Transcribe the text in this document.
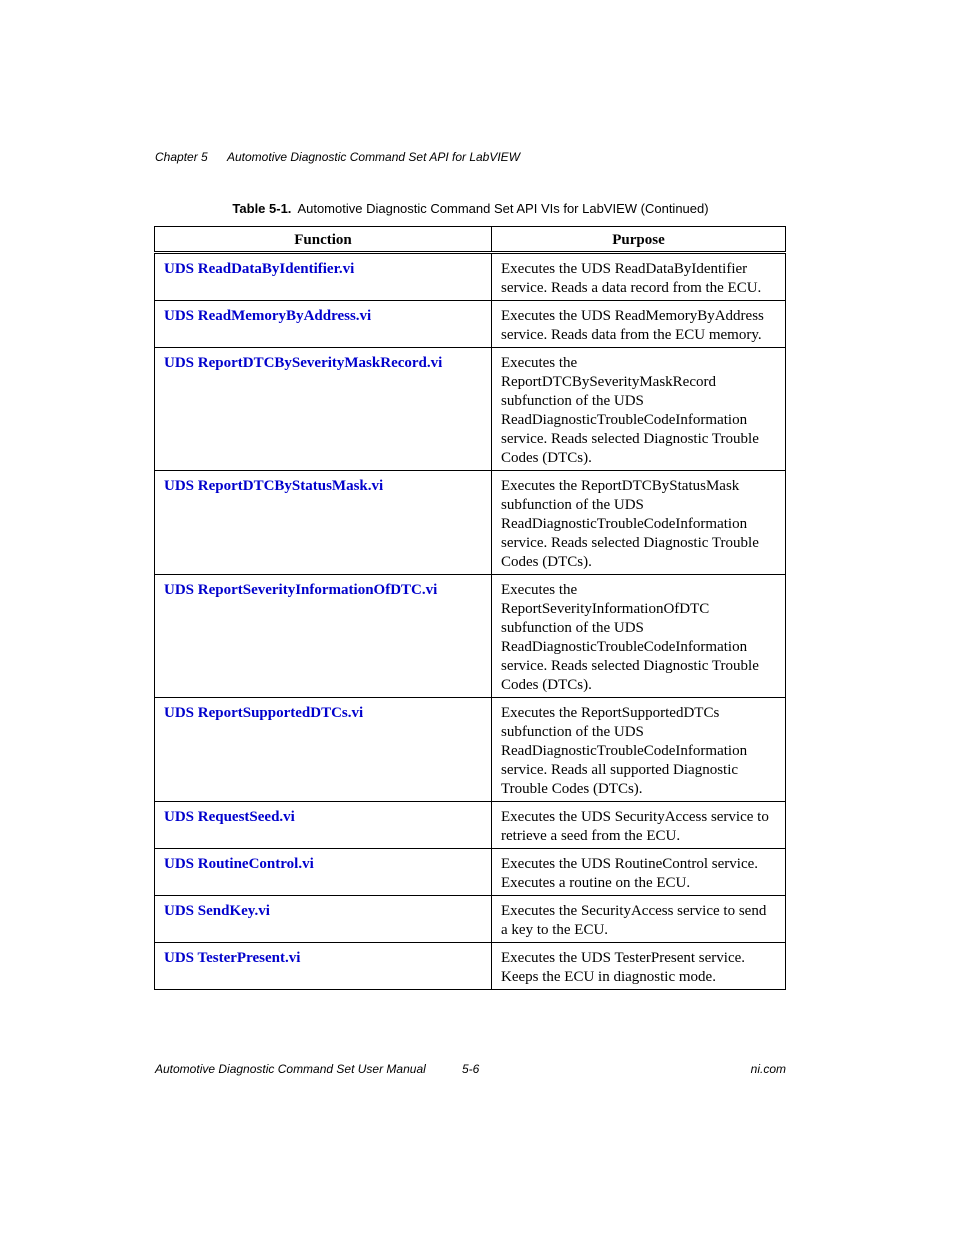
Chapter 5 Automotive Diagnostic Command Set API for LabVIEW
Table 5-1. Automotive Diagnostic Command Set API VIs for LabVIEW (Continued)
Function	Purpose
UDS ReadDataByIdentifier.vi	Executes the UDS ReadDataByIdentifier service. Reads a data record from the ECU.
UDS ReadMemoryByAddress.vi	Executes the UDS ReadMemoryByAddress service. Reads data from the ECU memory.
UDS ReportDTCBySeverityMaskRecord.vi	Executes the ReportDTCBySeverityMaskRecord subfunction of the UDS ReadDiagnosticTroubleCodeInformation service. Reads selected Diagnostic Trouble Codes (DTCs).
UDS ReportDTCByStatusMask.vi	Executes the ReportDTCByStatusMask subfunction of the UDS ReadDiagnosticTroubleCodeInformation service. Reads selected Diagnostic Trouble Codes (DTCs).
UDS ReportSeverityInformationOfDTC.vi	Executes the ReportSeverityInformationOfDTC subfunction of the UDS ReadDiagnosticTroubleCodeInformation service. Reads selected Diagnostic Trouble Codes (DTCs).
UDS ReportSupportedDTCs.vi	Executes the ReportSupportedDTCs subfunction of the UDS ReadDiagnosticTroubleCodeInformation service. Reads all supported Diagnostic Trouble Codes (DTCs).
UDS RequestSeed.vi	Executes the UDS SecurityAccess service to retrieve a seed from the ECU.
UDS RoutineControl.vi	Executes the UDS RoutineControl service. Executes a routine on the ECU.
UDS SendKey.vi	Executes the SecurityAccess service to send a key to the ECU.
UDS TesterPresent.vi	Executes the UDS TesterPresent service. Keeps the ECU in diagnostic mode.
Automotive Diagnostic Command Set User Manual	5-6	ni.com
